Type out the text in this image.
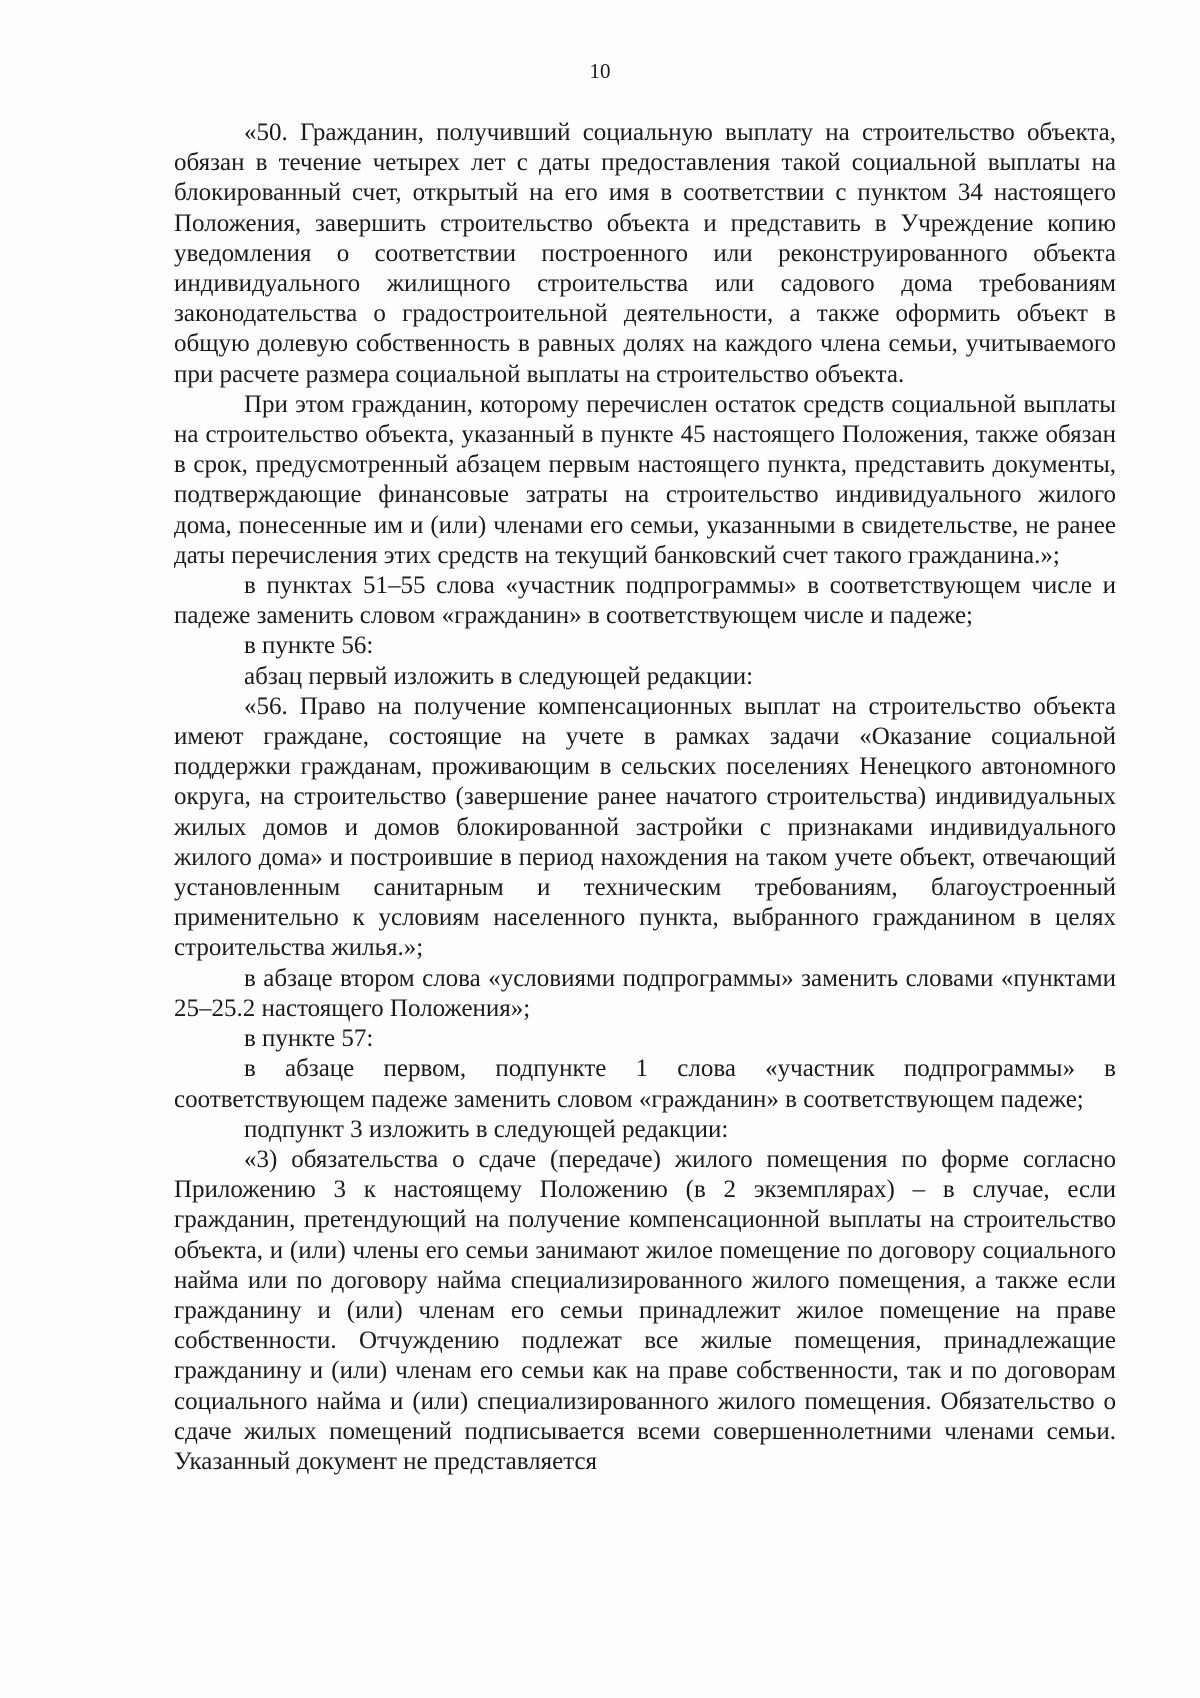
10

«50. Гражданин, получивший социальную выплату на строительство объекта, обязан в течение четырех лет с даты предоставления такой социальной выплаты на блокированный счет, открытый на его имя в соответствии с пунктом 34 настоящего Положения, завершить строительство объекта и представить в Учреждение копию уведомления о соответствии построенного или реконструированного объекта индивидуального жилищного строительства или садового дома требованиям законодательства о градостроительной деятельности, а также оформить объект в общую долевую собственность в равных долях на каждого члена семьи, учитываемого при расчете размера социальной выплаты на строительство объекта.

При этом гражданин, которому перечислен остаток средств социальной выплаты на строительство объекта, указанный в пункте 45 настоящего Положения, также обязан в срок, предусмотренный абзацем первым настоящего пункта, представить документы, подтверждающие финансовые затраты на строительство индивидуального жилого дома, понесенные им и (или) членами его семьи, указанными в свидетельстве, не ранее даты перечисления этих средств на текущий банковский счет такого гражданина.»;

в пунктах 51–55 слова «участник подпрограммы» в соответствующем числе и падеже заменить словом «гражданин» в соответствующем числе и падеже;

в пункте 56:

абзац первый изложить в следующей редакции:

«56. Право на получение компенсационных выплат на строительство объекта имеют граждане, состоящие на учете в рамках задачи «Оказание социальной поддержки гражданам, проживающим в сельских поселениях Ненецкого автономного округа, на строительство (завершение ранее начатого строительства) индивидуальных жилых домов и домов блокированной застройки с признаками индивидуального жилого дома» и построившие в период нахождения на таком учете объект, отвечающий установленным санитарным и техническим требованиям, благоустроенный применительно к условиям населенного пункта, выбранного гражданином в целях строительства жилья.»;

в абзаце втором слова «условиями подпрограммы» заменить словами «пунктами 25–25.2 настоящего Положения»;

в пункте 57:

в абзаце первом, подпункте 1 слова «участник подпрограммы» в соответствующем падеже заменить словом «гражданин» в соответствующем падеже;

подпункт 3 изложить в следующей редакции:

«3) обязательства о сдаче (передаче) жилого помещения по форме согласно Приложению 3 к настоящему Положению (в 2 экземплярах) – в случае, если гражданин, претендующий на получение компенсационной выплаты на строительство объекта, и (или) члены его семьи занимают жилое помещение по договору социального найма или по договору найма специализированного жилого помещения, а также если гражданину и (или) членам его семьи принадлежит жилое помещение на праве собственности. Отчуждению подлежат все жилые помещения, принадлежащие гражданину и (или) членам его семьи как на праве собственности, так и по договорам социального найма и (или) специализированного жилого помещения. Обязательство о сдаче жилых помещений подписывается всеми совершеннолетними членами семьи. Указанный документ не представляется
